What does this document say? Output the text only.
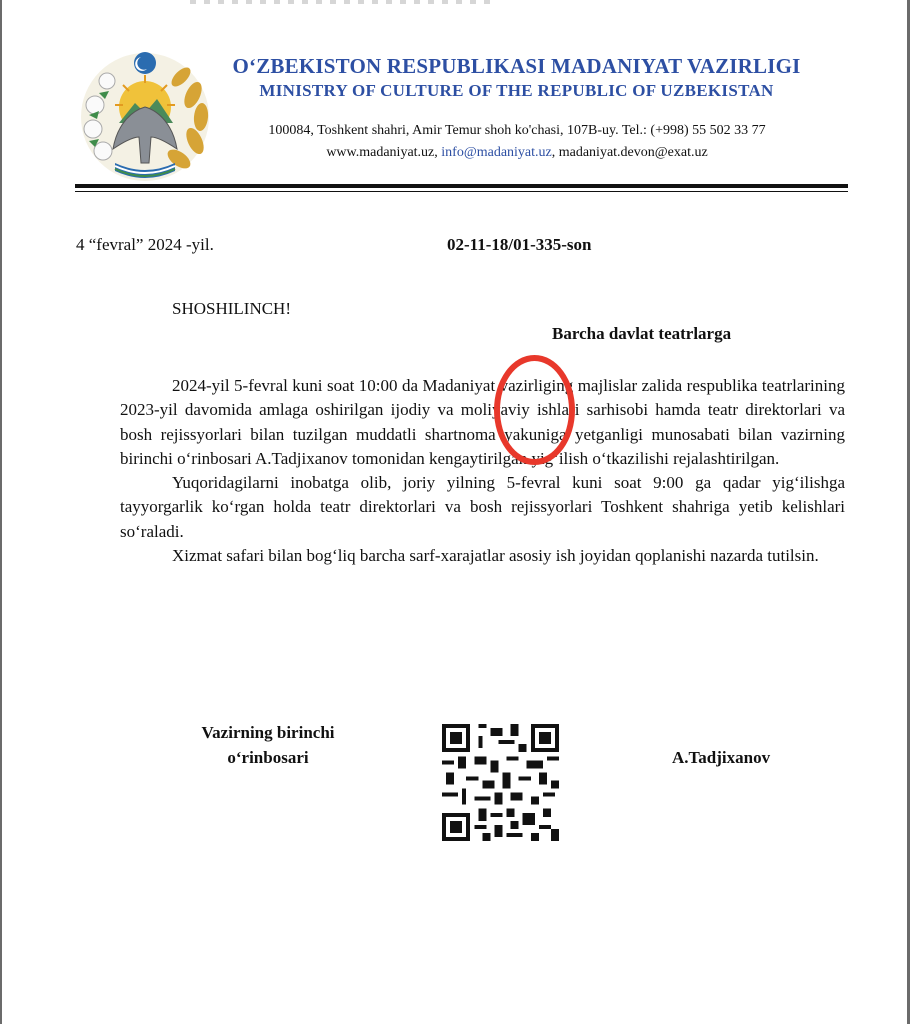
O‘ZBEKISTON RESPUBLIKASI MADANIYAT VAZIRLIGI
MINISTRY OF CULTURE OF THE REPUBLIC OF UZBEKISTAN
100084, Toshkent shahri, Amir Temur shoh ko'chasi, 107B-uy. Tel.: (+998) 55 502 33 77
www.madaniyat.uz, info@madaniyat.uz, madaniyat.devon@exat.uz
4 “fevral” 2024 -yil.	02-11-18/01-335-son
SHOSHILINCH!
Barcha davlat teatrlarga

2024-yil 5-fevral kuni soat 10:00 da Madaniyat vazirliging majlislar zalida respublika teatrlarining 2023-yil davomida amlaga oshirilgan ijodiy va moliyaviy ishlari sarhisobi hamda teatr direktorlari va bosh rejissyorlari bilan tuzilgan muddatli shartnoma yakuniga yetganligi munosabati bilan vazirning birinchi o‘rinbosari A.Tadjixanov tomonidan kengaytirilgan yig‘ilish o‘tkazilishi rejalashtirilgan.

Yuqoridagilarni inobatga olib, joriy yilning 5-fevral kuni soat 9:00 ga qadar yig‘ilishga tayyorgarlik ko‘rgan holda teatr direktorlari va bosh rejissyorlari Toshkent shahriga yetib kelishlari so‘raladi.

Xizmat safari bilan bog‘liq barcha sarf-xarajatlar asosiy ish joyidan qoplanishi nazarda tutilsin.

Vazirning birinchi
o‘rinbosari	A.Tadjixanov
